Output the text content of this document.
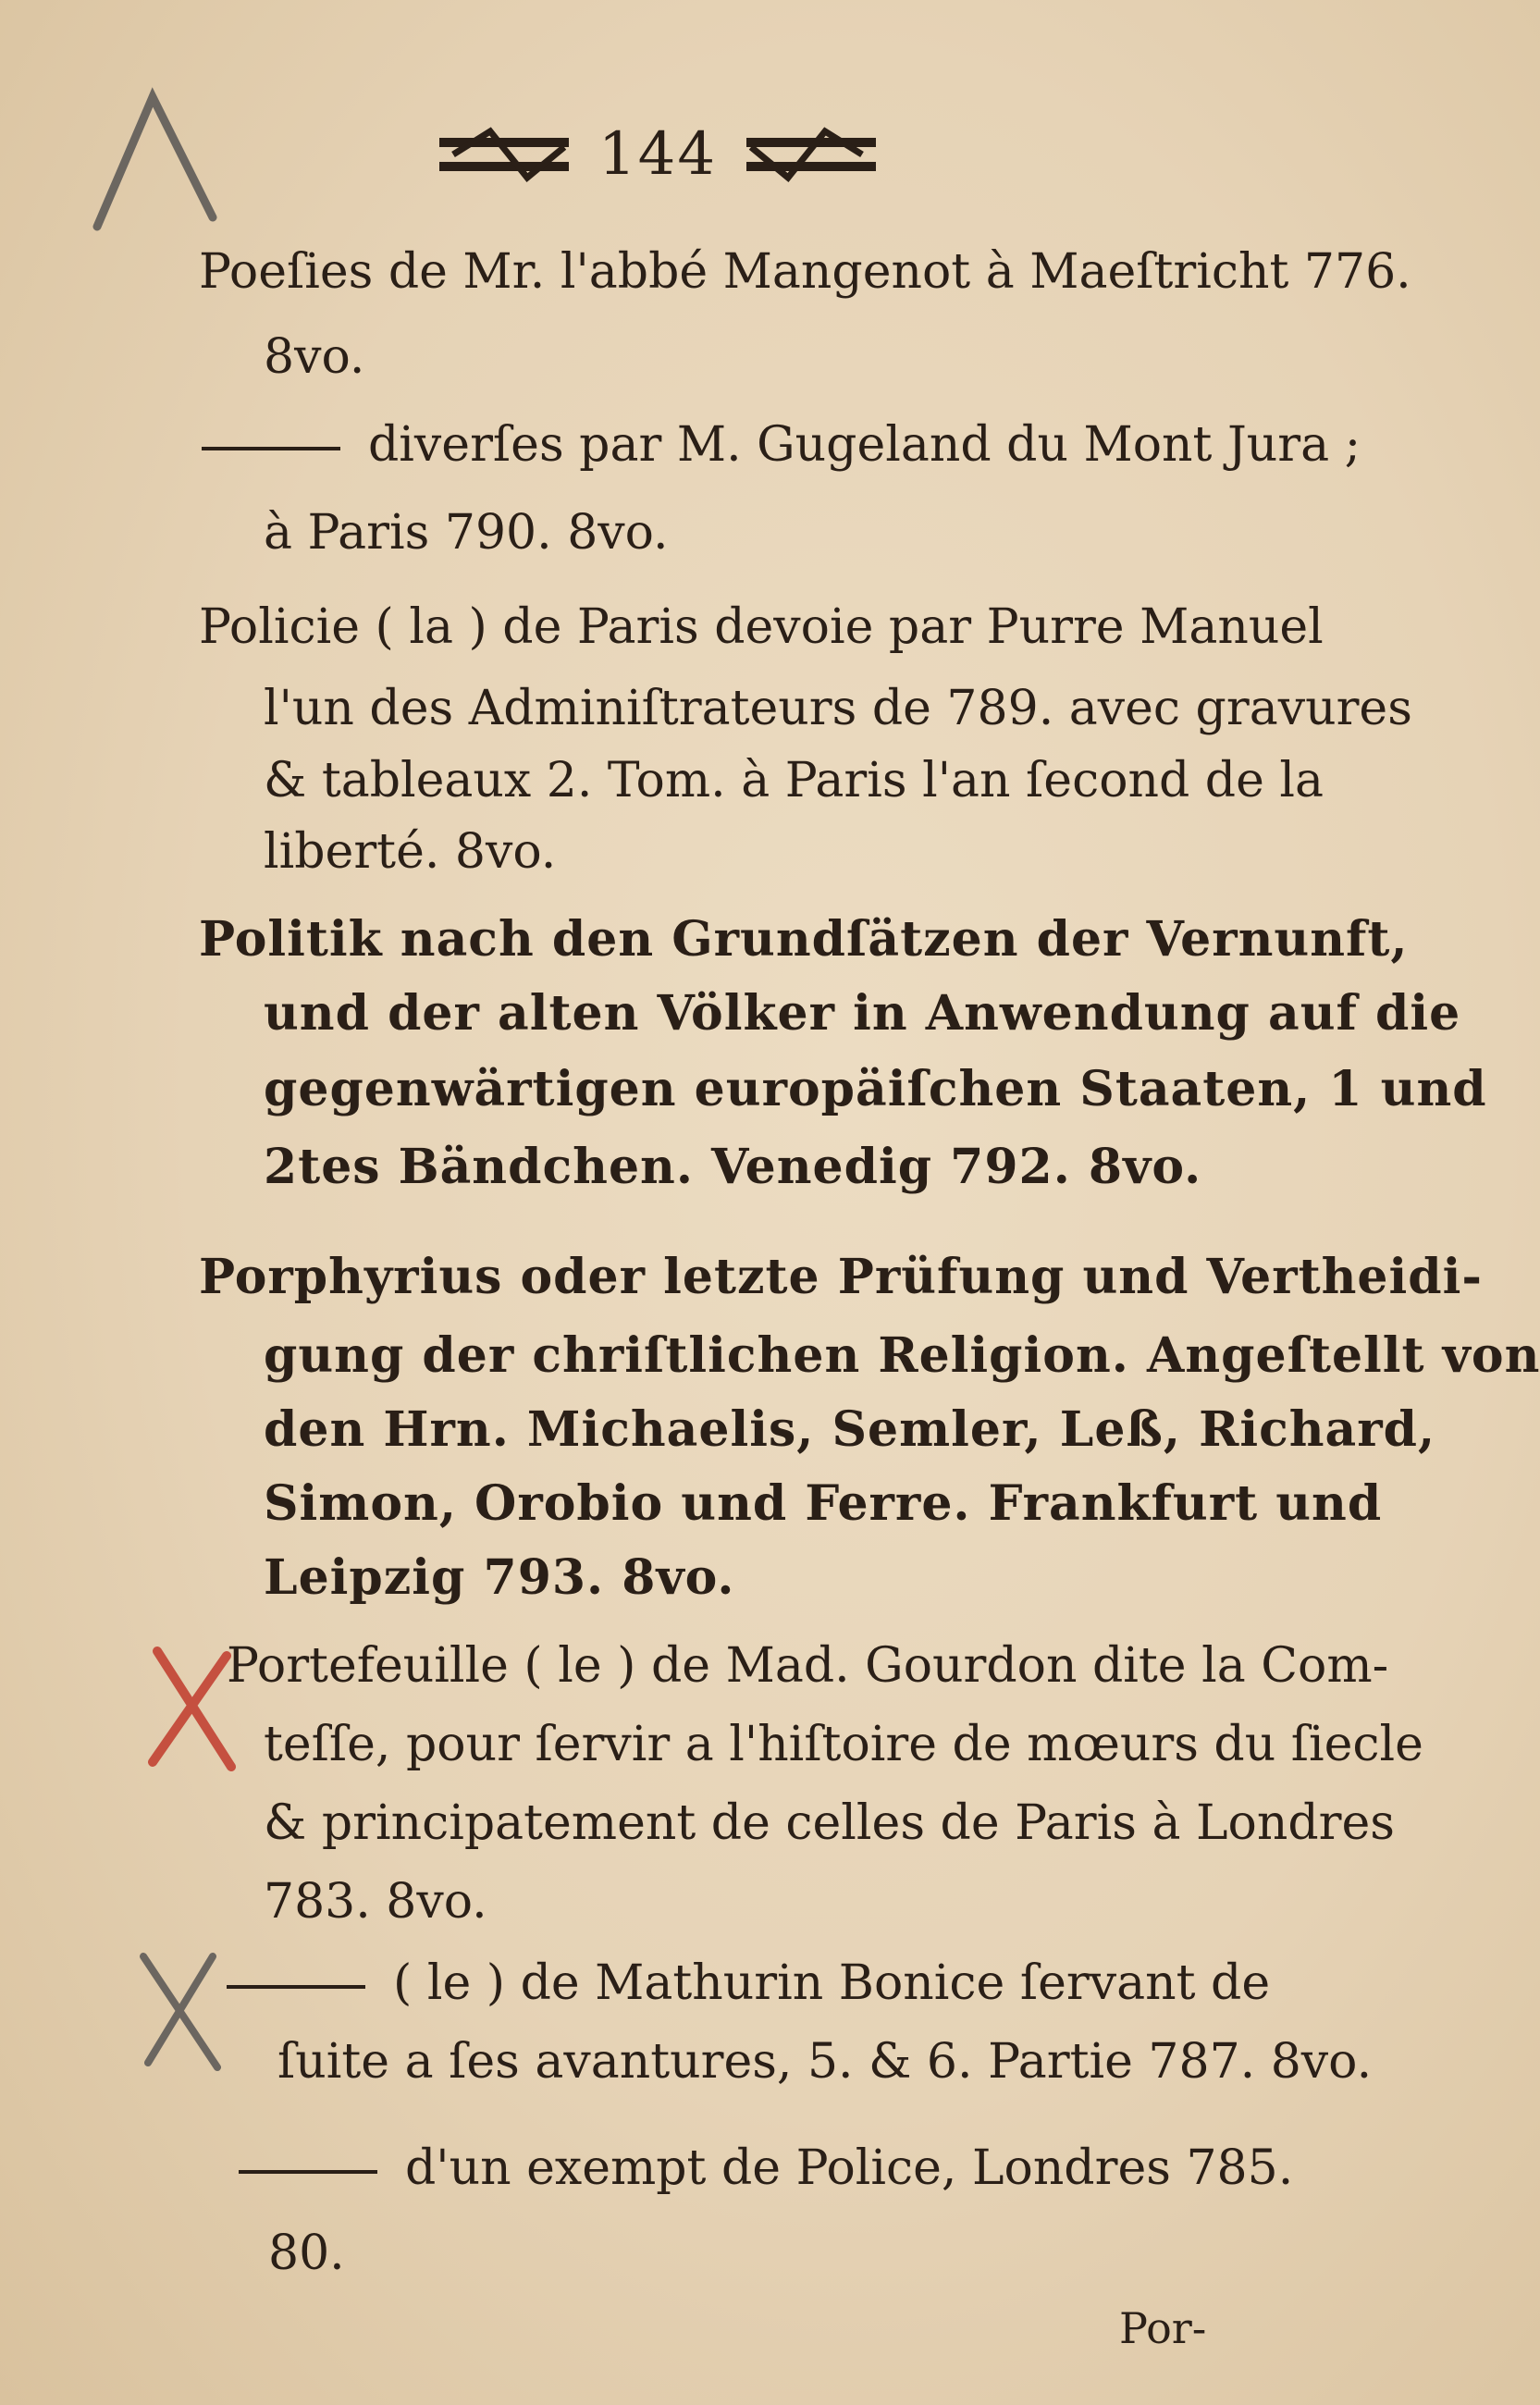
144
Poeſies de Mr. l'abbé Mangenot à Maeſtricht 776.
8vo.
diverſes par M. Gugeland du Mont Jura ;
à Paris 790. 8vo.
Policie ( la ) de Paris devoie par Purre Manuel
l'un des Adminiſtrateurs de 789. avec gravures
& tableaux 2. Tom. à Paris l'an ſecond de la
liberté. 8vo.
Politik nach den Grundſätzen der Vernunft,
und der alten Völker in Anwendung auf die
gegenwärtigen europäiſchen Staaten, 1 und
2tes Bändchen. Venedig 792. 8vo.
Porphyrius oder letzte Prüfung und Vertheidi-
gung der chriſtlichen Religion. Angeſtellt von
den Hrn. Michaelis, Semler, Leß, Richard,
Simon, Orobio und Ferre. Frankfurt und
Leipzig 793. 8vo.
Portefeuille ( le ) de Mad. Gourdon dite la Com-
teſſe, pour ſervir a l'hiſtoire de mœurs du ſiecle
& principatement de celles de Paris à Londres
783. 8vo.
( le ) de Mathurin Bonice ſervant de
ſuite a ſes avantures, 5. & 6. Partie 787. 8vo.
d'un exempt de Police, Londres 785.
80.
Por-
